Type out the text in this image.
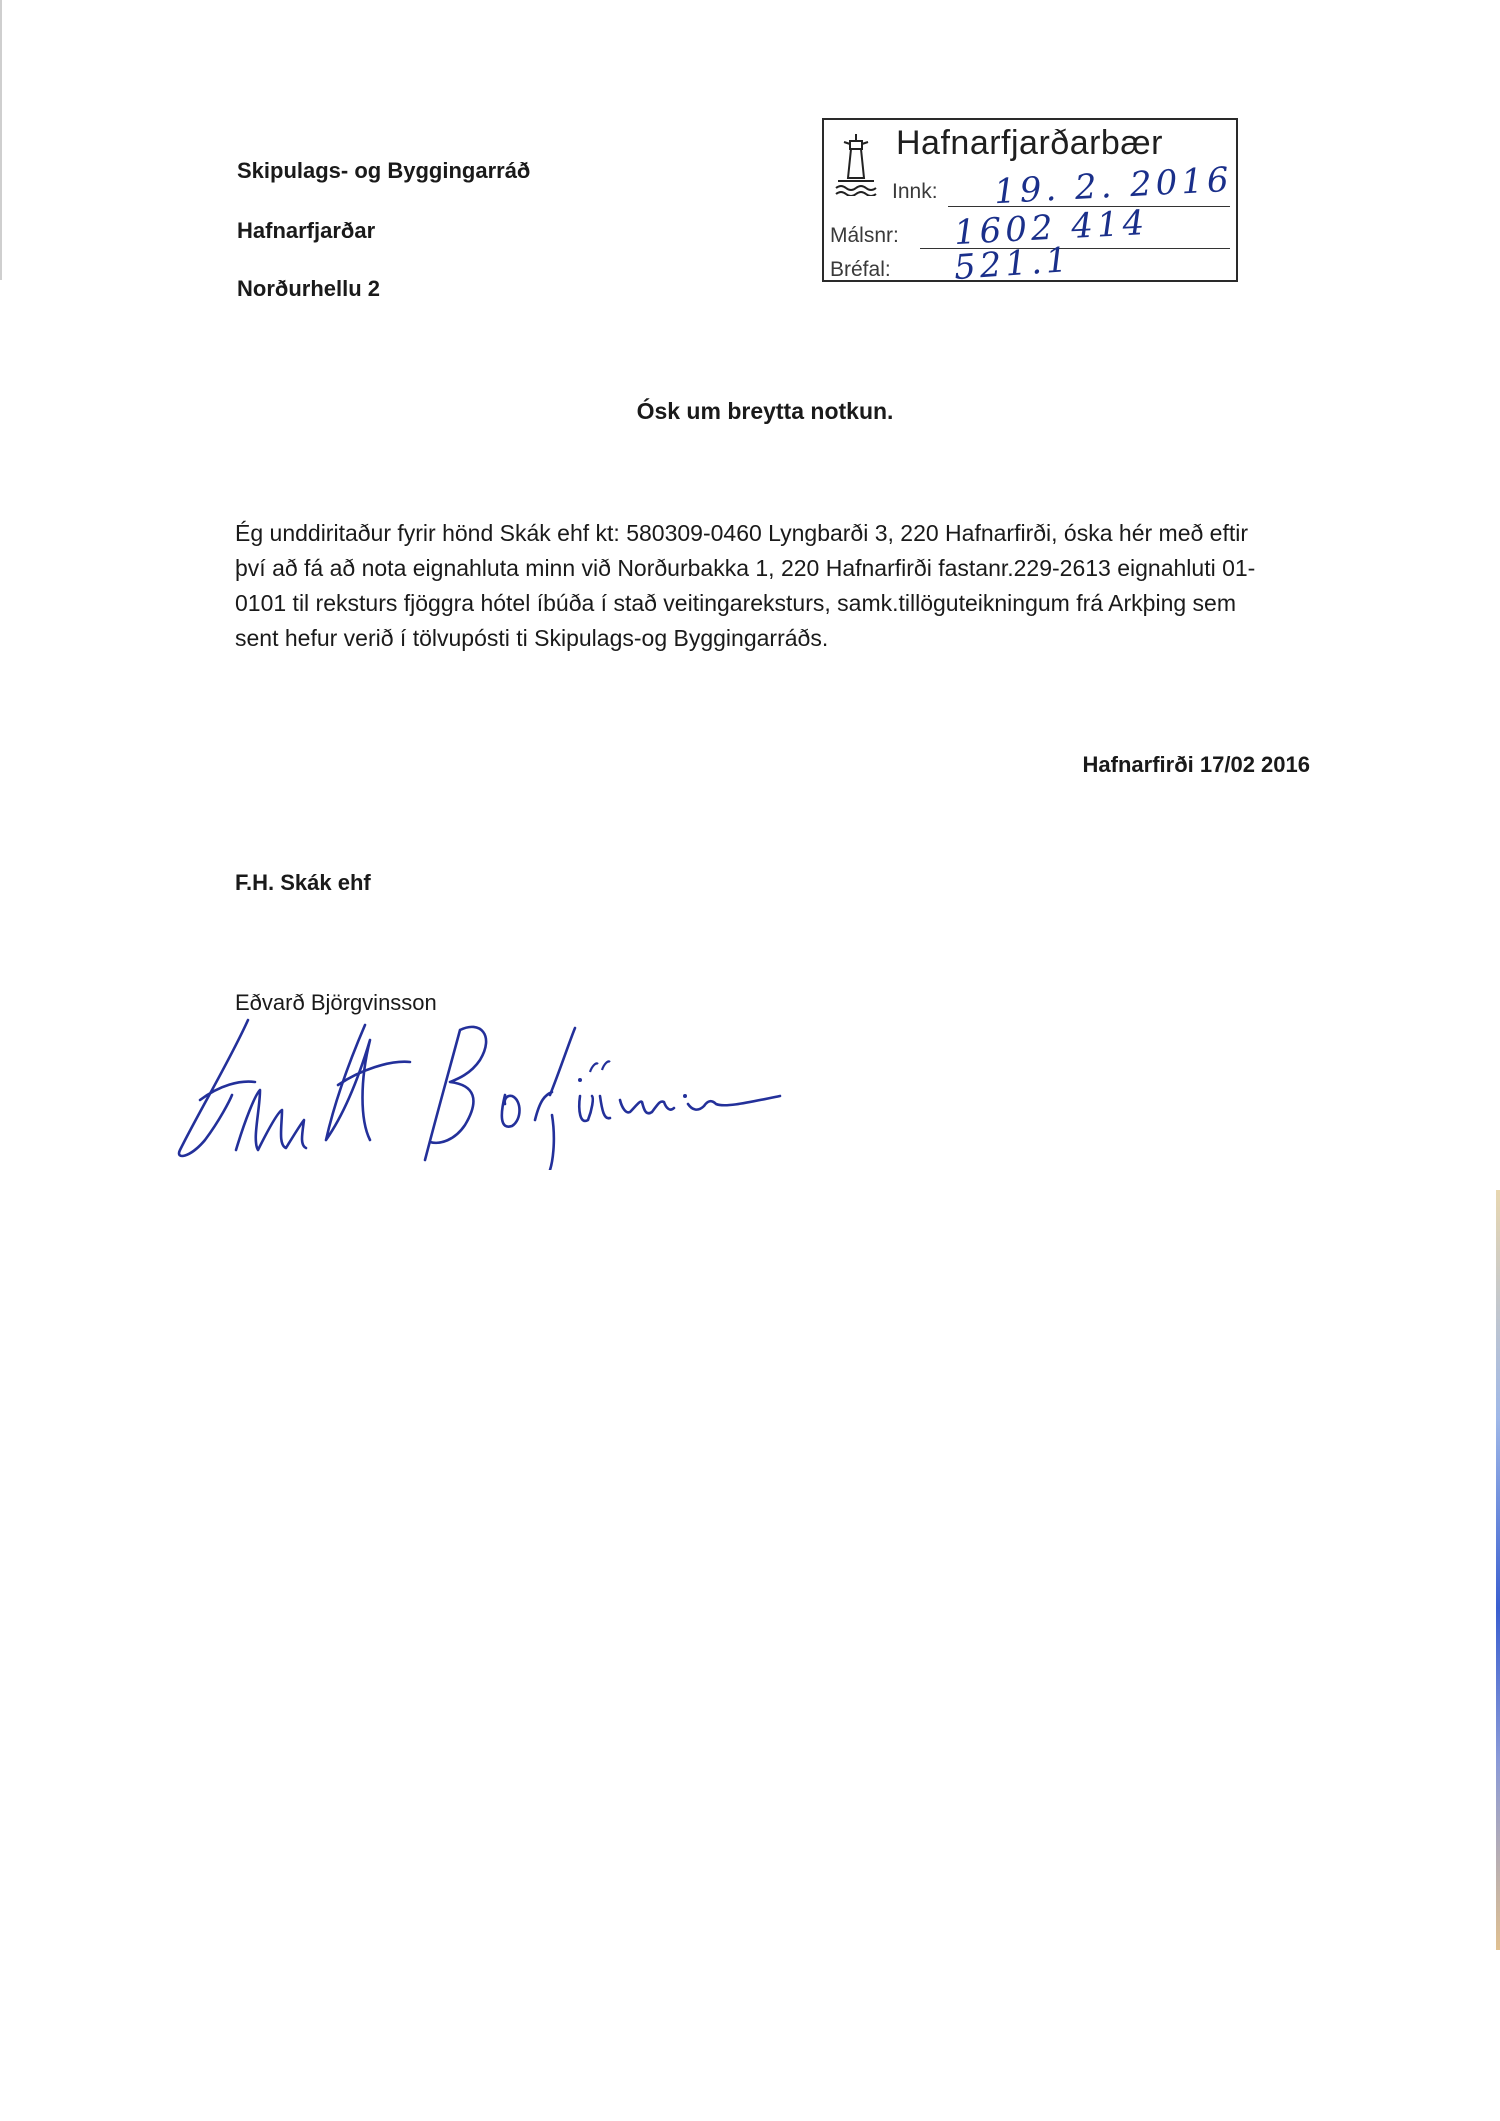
Skipulags- og Byggingarráð
Hafnarfjarðar
Norðurhellu 2
Hafnarfjarðarbær
Innk: 19. 2. 2016
Málsnr: 1602 414
Bréfal: 521.1
Ósk um breytta notkun.
Ég unddiritaður fyrir hönd Skák ehf kt: 580309-0460 Lyngbarði 3, 220 Hafnarfirði, óska hér með eftir
því að fá að nota eignahluta minn við Norðurbakka 1, 220 Hafnarfirði fastanr.229-2613 eignahluti 01-
0101 til reksturs fjöggra hótel íbúða í stað veitingareksturs, samk.tillöguteikningum frá Arkþing sem
sent hefur verið í tölvupósti ti Skipulags-og Byggingarráðs.
Hafnarfirði 17/02 2016
F.H. Skák ehf
Eðvarð Björgvinsson
